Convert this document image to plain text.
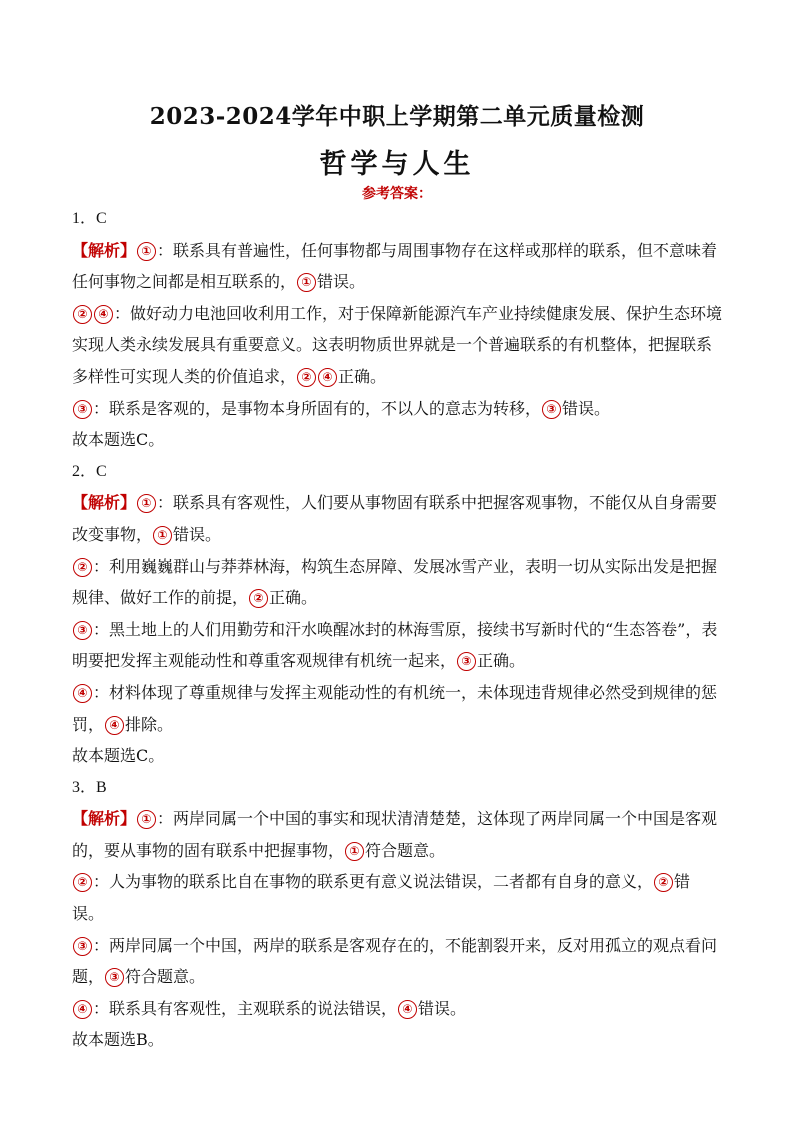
2023-2024学年中职上学期第二单元质量检测
哲学与人生
参考答案：

1．C

【解析】 ① ：联系具有普遍性，任何事物都与周围事物存在这样或那样的联系，但不意味着任何事物之间都是相互联系的， ① 错误。

② ④ ：做好动力电池回收利用工作，对于保障新能源汽车产业持续健康发展、保护生态环境实现人类永续发展具有重要意义。这表明物质世界就是一个普遍联系的有机整体，把握联系多样性可实现人类的价值追求， ② ④ 正确。

③ ：联系是客观的，是事物本身所固有的，不以人的意志为转移， ③ 错误。

故本题选C。

2．C

【解析】 ① ：联系具有客观性，人们要从事物固有联系中把握客观事物，不能仅从自身需要改变事物， ① 错误。

② ：利用巍巍群山与莽莽林海，构筑生态屏障、发展冰雪产业，表明一切从实际出发是把握规律、做好工作的前提， ② 正确。

③ ：黑土地上的人们用勤劳和汗水唤醒冰封的林海雪原，接续书写新时代的“生态答卷”，表明要把发挥主观能动性和尊重客观规律有机统一起来， ③ 正确。

④ ：材料体现了尊重规律与发挥主观能动性的有机统一，未体现违背规律必然受到规律的惩罚， ④ 排除。

故本题选C。

3．B

【解析】 ① ：两岸同属一个中国的事实和现状清清楚楚，这体现了两岸同属一个中国是客观的，要从事物的固有联系中把握事物， ① 符合题意。

② ：人为事物的联系比自在事物的联系更有意义说法错误，二者都有自身的意义， ② 错误。

③ ：两岸同属一个中国，两岸的联系是客观存在的，不能割裂开来，反对用孤立的观点看问题， ③ 符合题意。

④ ：联系具有客观性，主观联系的说法错误， ④ 错误。

故本题选B。
